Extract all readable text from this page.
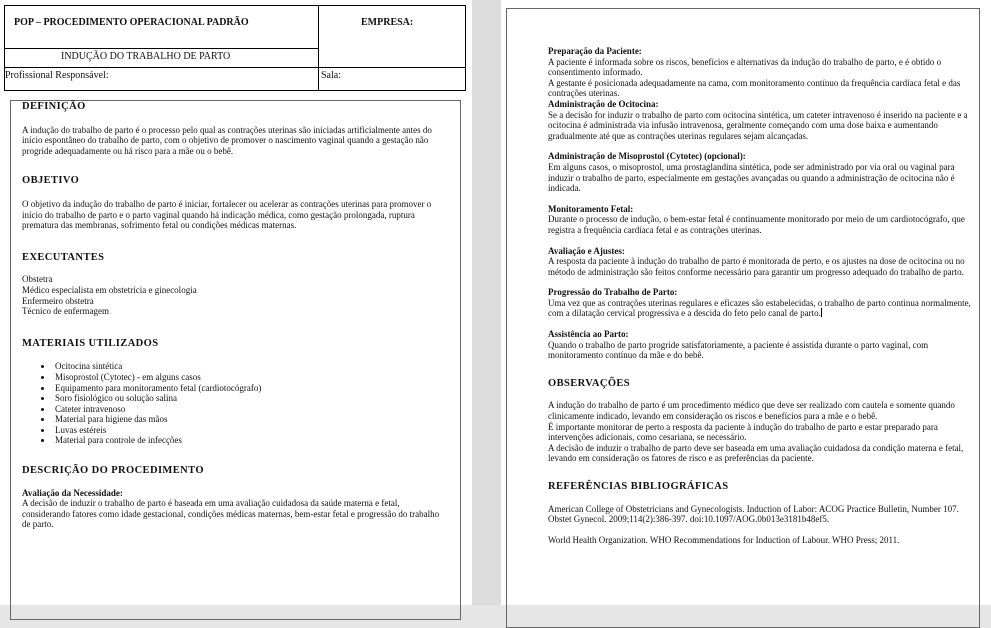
POP – PROCEDIMENTO OPERACIONAL PADRÃO	EMPRESA:
INDUÇÃO DO TRABALHO DE PARTO
Profissional Responsável:	Sala:
DEFINIÇÃO

A indução do trabalho de parto é o processo pelo qual as contrações uterinas são iniciadas artificialmente antes do início espontâneo do trabalho de parto, com o objetivo de promover o nascimento vaginal quando a gestação não progride adequadamente ou há risco para a mãe ou o bebê.

OBJETIVO

O objetivo da indução do trabalho de parto é iniciar, fortalecer ou acelerar as contrações uterinas para promover o início do trabalho de parto e o parto vaginal quando há indicação médica, como gestação prolongada, ruptura prematura das membranas, sofrimento fetal ou condições médicas maternas.

EXECUTANTES

Obstetra

Médico especialista em obstetrícia e ginecologia

Enfermeiro obstetra

Técnico de enfermagem

MATERIAIS UTILIZADOS
• Ocitocina sintética
• Misoprostol (Cytotec) - em alguns casos
• Equipamento para monitoramento fetal (cardiotocógrafo)
• Soro fisiológico ou solução salina
• Cateter intravenoso
• Material para higiene das mãos
• Luvas estéreis
• Material para controle de infecções
DESCRIÇÃO DO PROCEDIMENTO

Avaliação da Necessidade:

A decisão de induzir o trabalho de parto é baseada em uma avaliação cuidadosa da saúde materna e fetal, considerando fatores como idade gestacional, condições médicas maternas, bem-estar fetal e progressão do trabalho de parto.

Preparação da Paciente:

A paciente é informada sobre os riscos, benefícios e alternativas da indução do trabalho de parto, e é obtido o consentimento informado.

A gestante é posicionada adequadamente na cama, com monitoramento contínuo da frequência cardíaca fetal e das contrações uterinas.

Administração de Ocitocina:

Se a decisão for induzir o trabalho de parto com ocitocina sintética, um cateter intravenoso é inserido na paciente e a ocitocina é administrada via infusão intravenosa, geralmente começando com uma dose baixa e aumentando gradualmente até que as contrações uterinas regulares sejam alcançadas.

Administração de Misoprostol (Cytotec) (opcional):

Em alguns casos, o misoprostol, uma prostaglandina sintética, pode ser administrado por via oral ou vaginal para induzir o trabalho de parto, especialmente em gestações avançadas ou quando a administração de ocitocina não é indicada.

Monitoramento Fetal:

Durante o processo de indução, o bem-estar fetal é continuamente monitorado por meio de um cardiotocógrafo, que registra a frequência cardíaca fetal e as contrações uterinas.

Avaliação e Ajustes:

A resposta da paciente à indução do trabalho de parto é monitorada de perto, e os ajustes na dose de ocitocina ou no método de administração são feitos conforme necessário para garantir um progresso adequado do trabalho de parto.

Progressão do Trabalho de Parto:

Uma vez que as contrações uterinas regulares e eficazes são estabelecidas, o trabalho de parto continua normalmente, com a dilatação cervical progressiva e a descida do feto pelo canal de parto.

Assistência ao Parto:

Quando o trabalho de parto progride satisfatoriamente, a paciente é assistida durante o parto vaginal, com monitoramento contínuo da mãe e do bebê.

OBSERVAÇÕES

A indução do trabalho de parto é um procedimento médico que deve ser realizado com cautela e somente quando clinicamente indicado, levando em consideração os riscos e benefícios para a mãe e o bebê.

É importante monitorar de perto a resposta da paciente à indução do trabalho de parto e estar preparado para intervenções adicionais, como cesariana, se necessário.

A decisão de induzir o trabalho de parto deve ser baseada em uma avaliação cuidadosa da condição materna e fetal, levando em consideração os fatores de risco e as preferências da paciente.

REFERÊNCIAS BIBLIOGRÁFICAS

American College of Obstetricians and Gynecologists. Induction of Labor: ACOG Practice Bulletin, Number 107. Obstet Gynecol. 2009;114(2):386-397. doi:10.1097/AOG.0b013e3181b48ef5.

World Health Organization. WHO Recommendations for Induction of Labour. WHO Press; 2011.
